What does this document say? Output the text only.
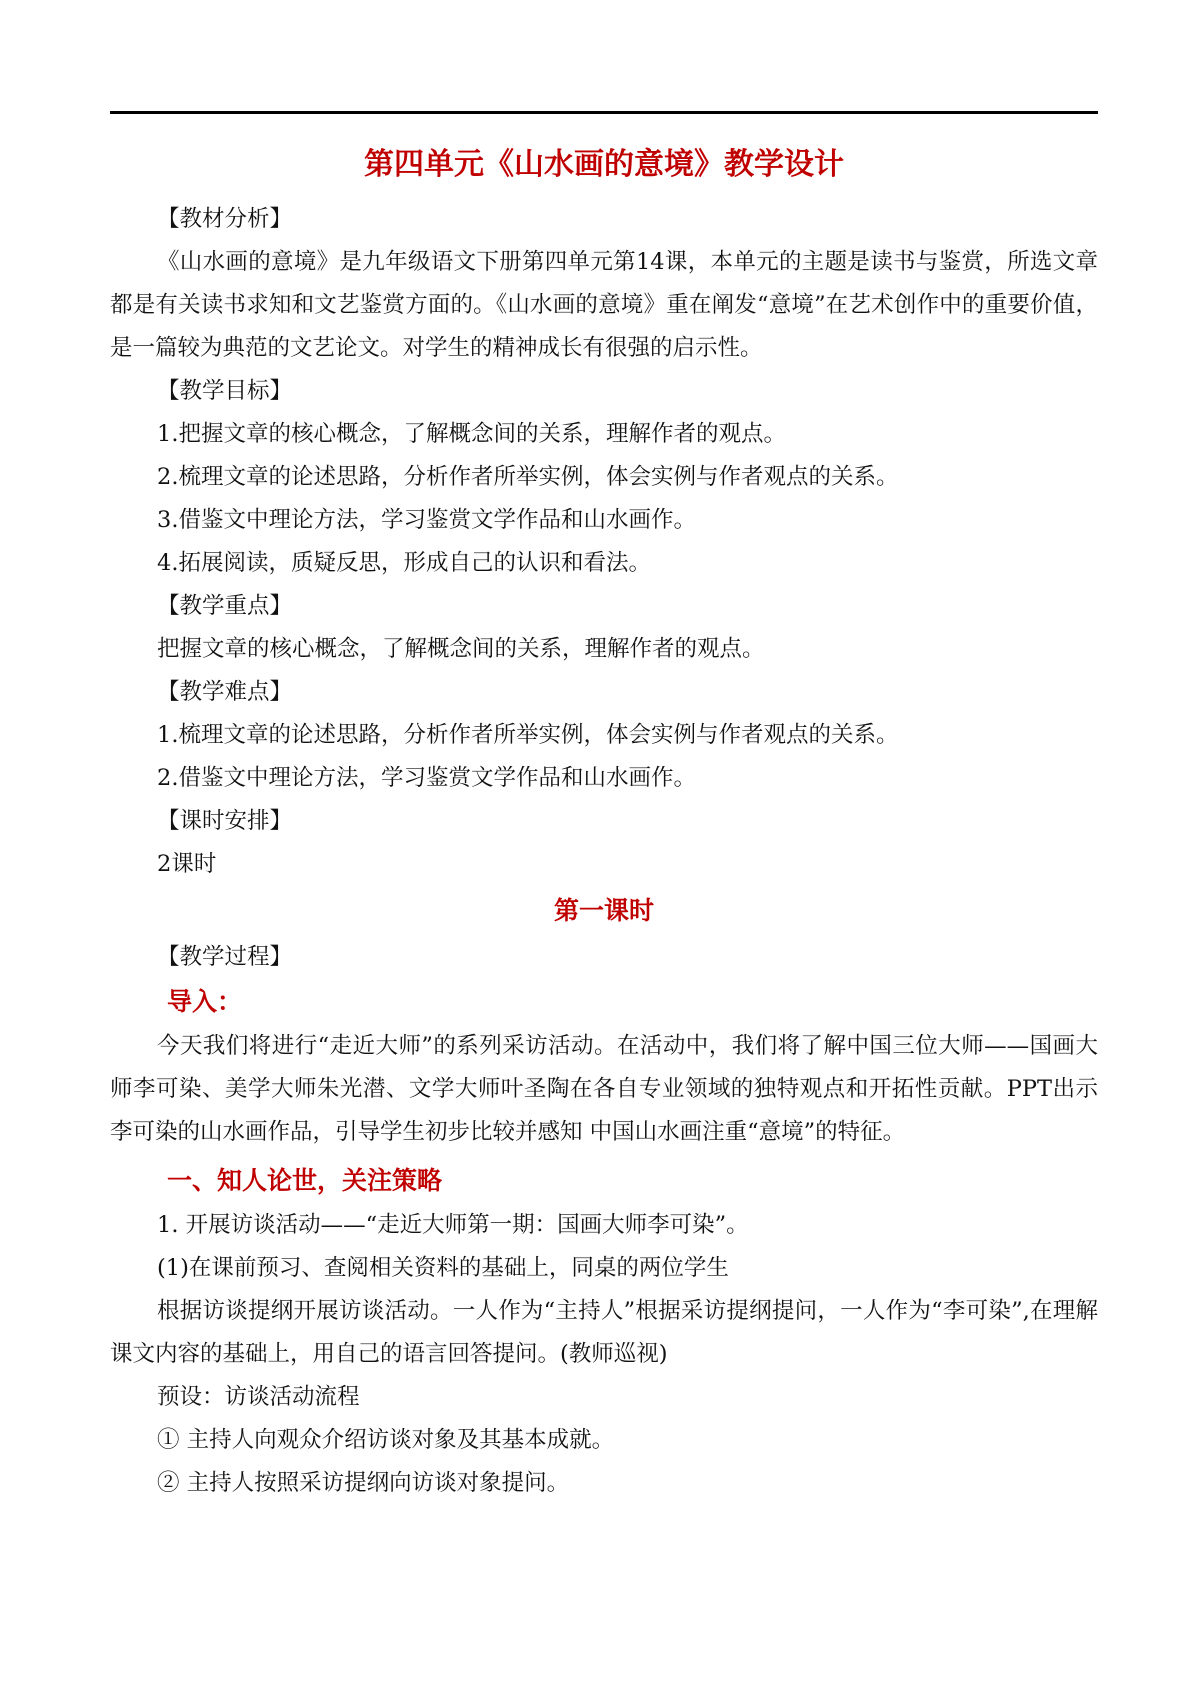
第四单元《山水画的意境》教学设计

【教材分析】

《山水画的意境》是九年级语文下册第四单元第14课，本单元的主题是读书与鉴赏，所选文章都是有关读书求知和文艺鉴赏方面的。《山水画的意境》重在阐发“意境”在艺术创作中的重要价值，是一篇较为典范的文艺论文。对学生的精神成长有很强的启示性。

【教学目标】

1.把握文章的核心概念，了解概念间的关系，理解作者的观点。

2.梳理文章的论述思路，分析作者所举实例，体会实例与作者观点的关系。

3.借鉴文中理论方法，学习鉴赏文学作品和山水画作。

4.拓展阅读，质疑反思，形成自己的认识和看法。

【教学重点】

把握文章的核心概念，了解概念间的关系，理解作者的观点。

【教学难点】

1.梳理文章的论述思路，分析作者所举实例，体会实例与作者观点的关系。

2.借鉴文中理论方法，学习鉴赏文学作品和山水画作。

【课时安排】

2课时

第一课时

【教学过程】

导入：

今天我们将进行“走近大师”的系列采访活动。在活动中，我们将了解中国三位大师——国画大师李可染、美学大师朱光潜、文学大师叶圣陶在各自专业领域的独特观点和开拓性贡献。PPT出示李可染的山水画作品，引导学生初步比较并感知 中国山水画注重“意境”的特征。

一、知人论世，关注策略

1. 开展访谈活动——“走近大师第一期：国画大师李可染”。

(1)在课前预习、查阅相关资料的基础上，同桌的两位学生

根据访谈提纲开展访谈活动。一人作为“主持人”根据采访提纲提问，一人作为“李可染”,在理解课文内容的基础上，用自己的语言回答提问。(教师巡视)

预设：访谈活动流程

① 主持人向观众介绍访谈对象及其基本成就。

② 主持人按照采访提纲向访谈对象提问。
